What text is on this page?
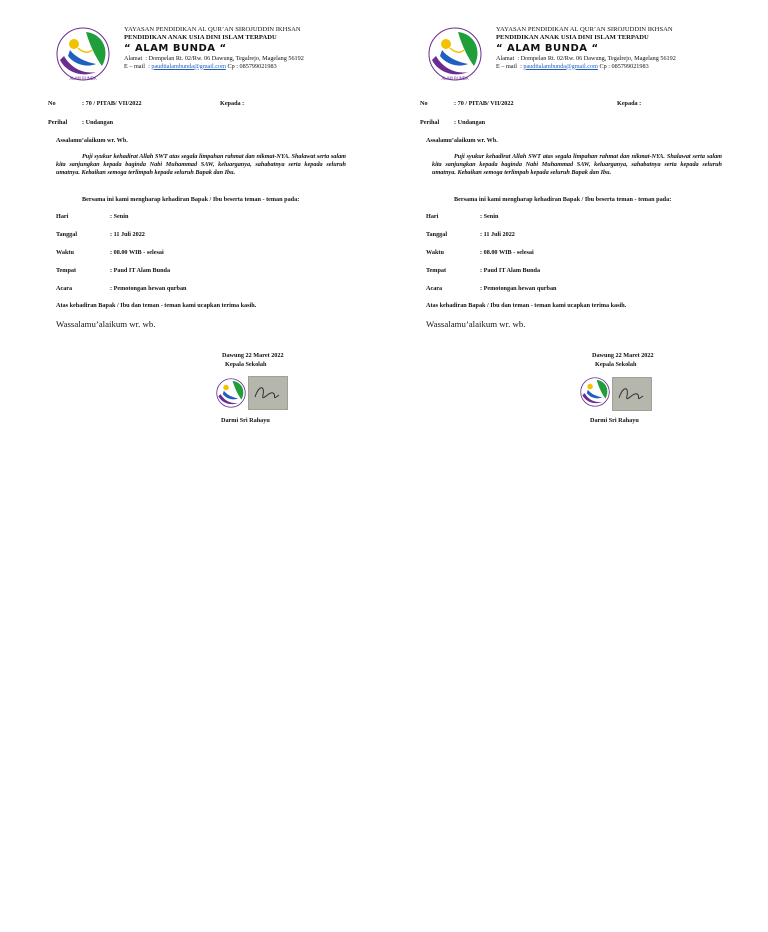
ALAM BUNDA
YAYASAN PENDIDIKAN AL QUR’AN SIROJUDDIN IKHSAN
PENDIDIKAN ANAK USIA DINI ISLAM TERPADU
“ ALAM BUNDA “
Alamat : Dompelan Rt. 02/Rw. 06 Dawung, Tegalrejo, Magelang 56192
E – mail : paudttalambunda@gmail.com Cp : 085799021983
No	: 70 / PITAB/ VII/2022	Kepada :
Perihal : Undangan
Assalamu’alaikum wr. Wb.
Puji syukur kehadirat Allah SWT atas segala limpahan rahmat dan nikmat-NYA. Shalawat serta salam kita sanjungkan kepada baginda Nabi Muhammad SAW, keluarganya, sahabatnya serta kepada seluruh umatnya. Kebaikan semoga terlimpah kepada seluruh Bapak dan Ibu.
Bersama ini kami mengharap kehadiran Bapak / Ibu beserta teman - teman pada:
Hari	: Senin
Tanggal	: 11 Juli 2022
Waktu	: 08.00 WIB - selesai
Tempat	: Paud IT Alam Bunda
Acara	: Pemotongan hewan qurban
Atas kehadiran Bapak / Ibu dan teman - teman kami ucapkan terima kasih.
Wassalamu’alaikum wr. wb.
Dawung 22 Maret 2022
Kepala Sekolah
Darmi Sri Rahayu
ALAM BUNDA
YAYASAN PENDIDIKAN AL QUR’AN SIROJUDDIN IKHSAN
PENDIDIKAN ANAK USIA DINI ISLAM TERPADU
“ ALAM BUNDA “
Alamat : Dompelan Rt. 02/Rw. 06 Dawung, Tegalrejo, Magelang 56192
E – mail : paudttalambunda@gmail.com Cp : 085799021983
No	: 70 / PITAB/ VII/2022	Kepada :
Perihal : Undangan
Assalamu’alaikum wr. Wb.
Puji syukur kehadirat Allah SWT atas segala limpahan rahmat dan nikmat-NYA. Shalawat serta salam kita sanjungkan kepada baginda Nabi Muhammad SAW, keluarganya, sahabatnya serta kepada seluruh umatnya. Kebaikan semoga terlimpah kepada seluruh Bapak dan Ibu.
Bersama ini kami mengharap kehadiran Bapak / Ibu beserta teman - teman pada:
Hari	: Senin
Tanggal	: 11 Juli 2022
Waktu	: 08.00 WIB - selesai
Tempat	: Paud IT Alam Bunda
Acara	: Pemotongan hewan qurban
Atas kehadiran Bapak / Ibu dan teman - teman kami ucapkan terima kasih.
Wassalamu’alaikum wr. wb.
Dawung 22 Maret 2022
Kepala Sekolah
Darmi Sri Rahayu
